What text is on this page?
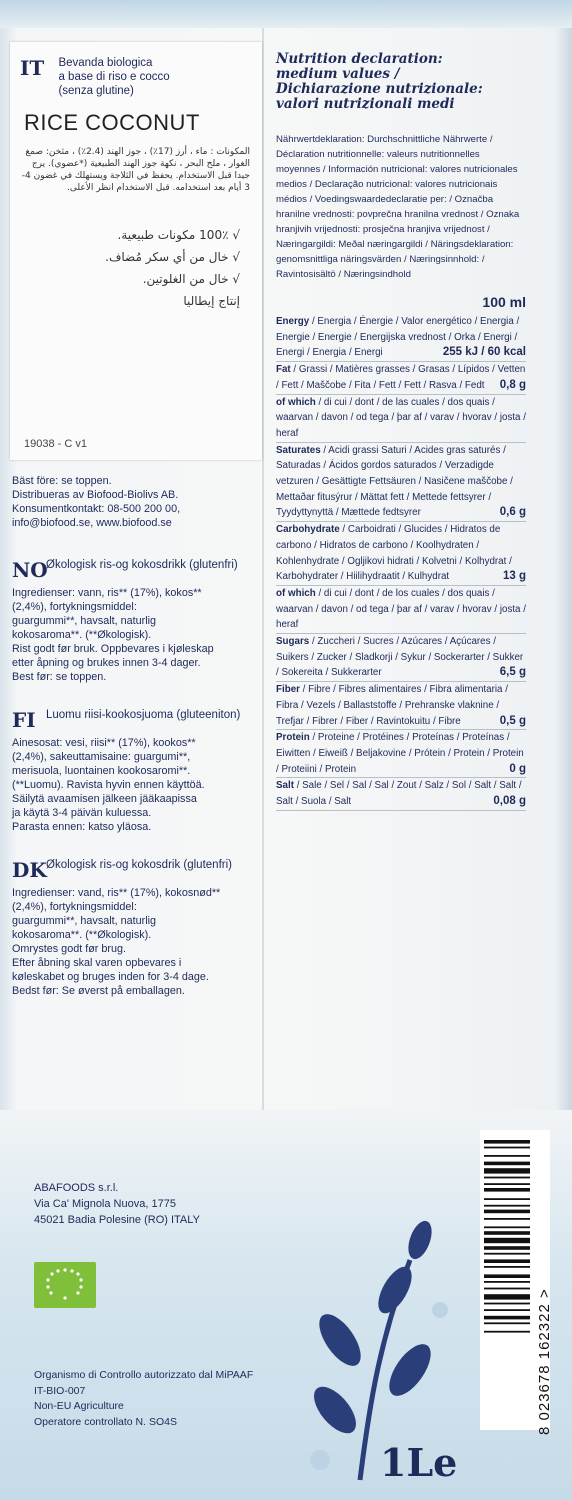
Bäst före: se toppen.
Distribueras av Biofood-Biolivs AB.
Konsumentkontakt: 08-500 200 00,
info@biofood.se, www.biofood.se
NOØkologisk ris-og kokosdrikk (glutenfri)
Ingredienser: vann, ris** (17%), kokos**
(2,4%), fortykningsmiddel:
guargummi**, havsalt, naturlig
kokosaroma**. (**Økologisk).
Rist godt før bruk. Oppbevares i kjøleskap
etter åpning og brukes innen 3-4 dager.
Best før: se toppen.
FI Luomu riisi-kookosjuoma (gluteeniton)
Ainesosat: vesi, riisi** (17%), kookos**
(2,4%), sakeuttamisaine: guargumi**,
merisuola, luontainen kookosaromi**.
(**Luomu). Ravista hyvin ennen käyttöä.
Säilytä avaamisen jälkeen jääkaapissa
ja käytä 3-4 päivän kuluessa.
Parasta ennen: katso yläosa.
DKØkologisk ris-og kokosdrik (glutenfri)
Ingredienser: vand, ris** (17%), kokosnød**
(2,4%), fortykningsmiddel:
guargummi**, havsalt, naturlig
kokosaroma**. (**Økologisk).
Omrystes godt før brug.
Efter åbning skal varen opbevares i
køleskabet og bruges inden for 3-4 dage.
Bedst før: Se øverst på emballagen.
IT Bevanda biologica
a base di riso e cocco
(senza glutine)
RICE COCONUT
المكونات : ماء ، أرز (17٪) ، جوز الهند (2.4٪) ، مثخن: صمغ الغوار ، ملح البحر ، نكهة جوز الهند الطبيعية (*عضوي). يرج جيدا قبل الاستخدام. يحفظ في الثلاجة ويستهلك في غضون 4-3 أيام بعد استخدامه. قبل الاستخدام انظر الأعلى.
√ 100٪ مكونات طبيعية.
√ خال من أي سكر مُضاف.
√ خال من الغلوتين.
إنتاج إيطاليا
19038 - C v1
Nutrition declaration:
medium values /
Dichiarazione nutrizionale:
valori nutrizionali medi
Nährwertdeklaration: Durchschnittliche Nährwerte / Déclaration nutritionnelle: valeurs nutritionnelles moyennes / Información nutricional: valores nutricionales medios / Declaração nutricional: valores nutricionais médios / Voedingswaardedeclaratie per: / Označba hranilne vrednosti: povprečna hranilna vrednost / Oznaka hranjivih vrijednosti: prosječna hranjiva vrijednost / Næringargildi: Meðal næringargildi / Näringsdeklaration: genomsnittliga näringsvärden / Næringsinnhold: / Ravintosisältö / Næringsindhold
100 ml
Energy / Energia / Énergie / Valor energético / Energia / Energie / Energie / Energijska vrednost / Orka / Energi / Energi / Energia / Energi	255 kJ / 60 kcal
Fat / Grassi / Matières grasses / Grasas / Lípidos / Vetten / Fett / Maščobe / Fita / Fett / Fett / Rasva / Fedt 0,8 g
of which / di cui / dont / de las cuales / dos quais / waarvan / davon / od tega / þar af / varav / hvorav / josta / heraf
Saturates / Acidi grassi Saturi / Acides gras saturés / Saturadas / Ácidos gordos saturados / Verzadigde vetzuren / Gesättigte Fettsäuren / Nasičene maščobe / Mettaðar fitusýrur / Mättat fett / Mettede fettsyrer / Tyydyttynyttä / Mættede fedtsyrer	0,6 g
Carbohydrate / Carboidrati / Glucides / Hidratos de carbono / Hidratos de carbono / Koolhydraten / Kohlenhydrate / Ogljikovi hidrati / Kolvetni / Kolhydrat / Karbohydrater / Hiilihydraatit / Kulhydrat	13 g
of which / di cui / dont / de los cuales / dos quais / waarvan / davon / od tega / þar af / varav / hvorav / josta / heraf
Sugars / Zuccheri / Sucres / Azúcares / Açúcares / Suikers / Zucker / Sladkorji / Sykur / Sockerarter / Sukker / Sokereita / Sukkerarter	6,5 g
Fiber / Fibre / Fibres alimentaires / Fibra alimentaria / Fibra / Vezels / Ballaststoffe / Prehranske vlaknine / Trefjar / Fibrer / Fiber / Ravintokuitu / Fibre	0,5 g
Protein / Proteine / Protéines / Proteínas / Proteínas / Eiwitten / Eiweiß / Beljakovine / Prótein / Protein / Protein / Proteiini / Protein	0 g
Salt / Sale / Sel / Sal / Sal / Zout / Salz / Sol / Salt / Salt / Salt / Suola / Salt	0,08 g
ABAFOODS s.r.l.
Via Ca' Mignola Nuova, 1775
45021 Badia Polesine (RO) ITALY
Organismo di Controllo autorizzato dal MiPAAF
IT-BIO-007
Non-EU Agriculture
Operatore controllato N. SO4S	8 023678 162322 >
1Le
